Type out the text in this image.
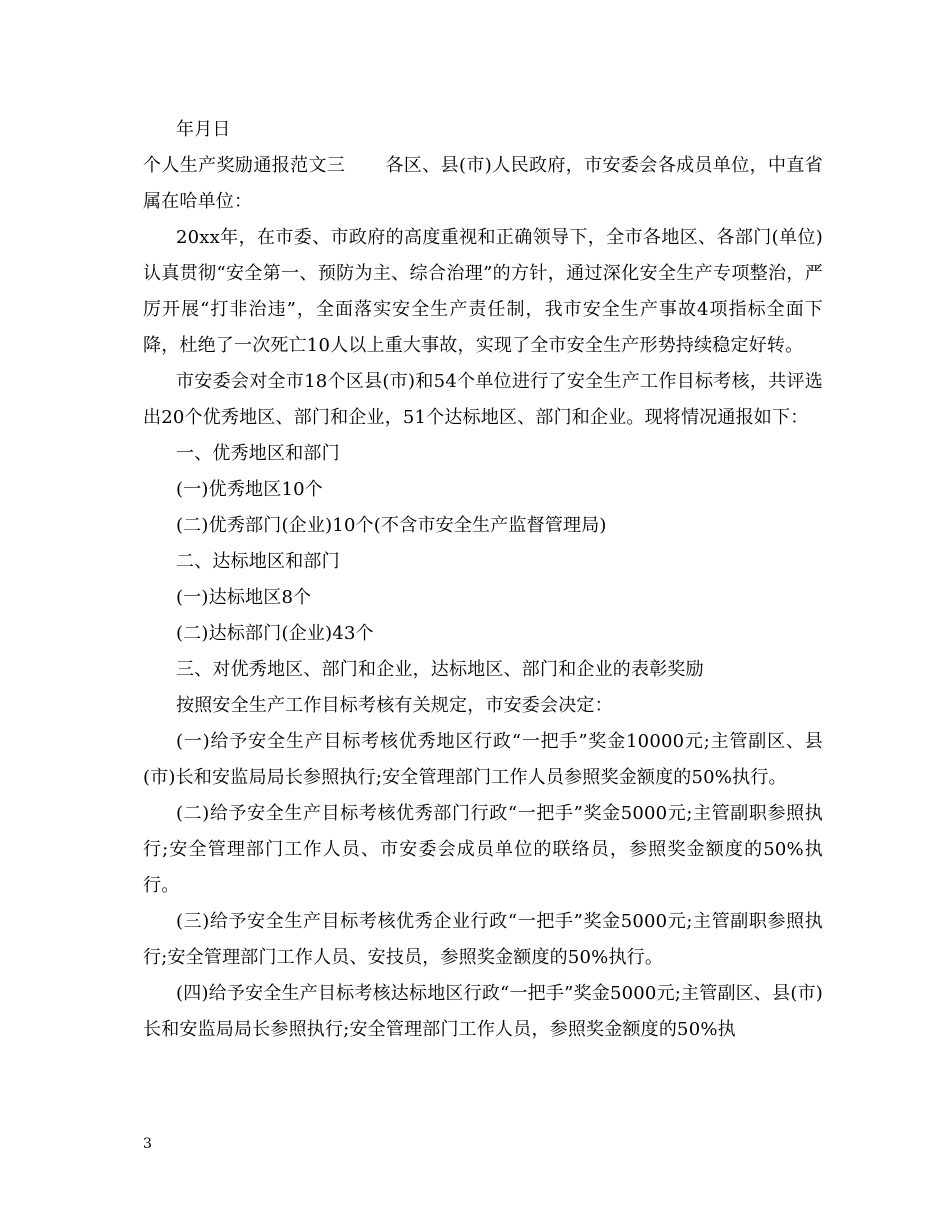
年月日

个人生产奖励通报范文三 各区、县(市)人民政府，市安委会各成员单位，中直省属在哈单位：

20xx年，在市委、市政府的高度重视和正确领导下，全市各地区、各部门(单位)认真贯彻“安全第一、预防为主、综合治理”的方针，通过深化安全生产专项整治，严厉开展“打非治违”，全面落实安全生产责任制，我市安全生产事故4项指标全面下降，杜绝了一次死亡10人以上重大事故，实现了全市安全生产形势持续稳定好转。

市安委会对全市18个区县(市)和54个单位进行了安全生产工作目标考核，共评选出20个优秀地区、部门和企业，51个达标地区、部门和企业。现将情况通报如下：

一、优秀地区和部门

(一)优秀地区10个

(二)优秀部门(企业)10个(不含市安全生产监督管理局)

二、达标地区和部门

(一)达标地区8个

(二)达标部门(企业)43个

三、对优秀地区、部门和企业，达标地区、部门和企业的表彰奖励

按照安全生产工作目标考核有关规定，市安委会决定：

(一)给予安全生产目标考核优秀地区行政“一把手”奖金10000元;主管副区、县(市)长和安监局局长参照执行;安全管理部门工作人员参照奖金额度的50%执行。

(二)给予安全生产目标考核优秀部门行政“一把手”奖金5000元;主管副职参照执行;安全管理部门工作人员、市安委会成员单位的联络员，参照奖金额度的50%执行。

(三)给予安全生产目标考核优秀企业行政“一把手”奖金5000元;主管副职参照执行;安全管理部门工作人员、安技员，参照奖金额度的50%执行。

(四)给予安全生产目标考核达标地区行政“一把手”奖金5000元;主管副区、县(市)长和安监局局长参照执行;安全管理部门工作人员，参照奖金额度的50%执

3
